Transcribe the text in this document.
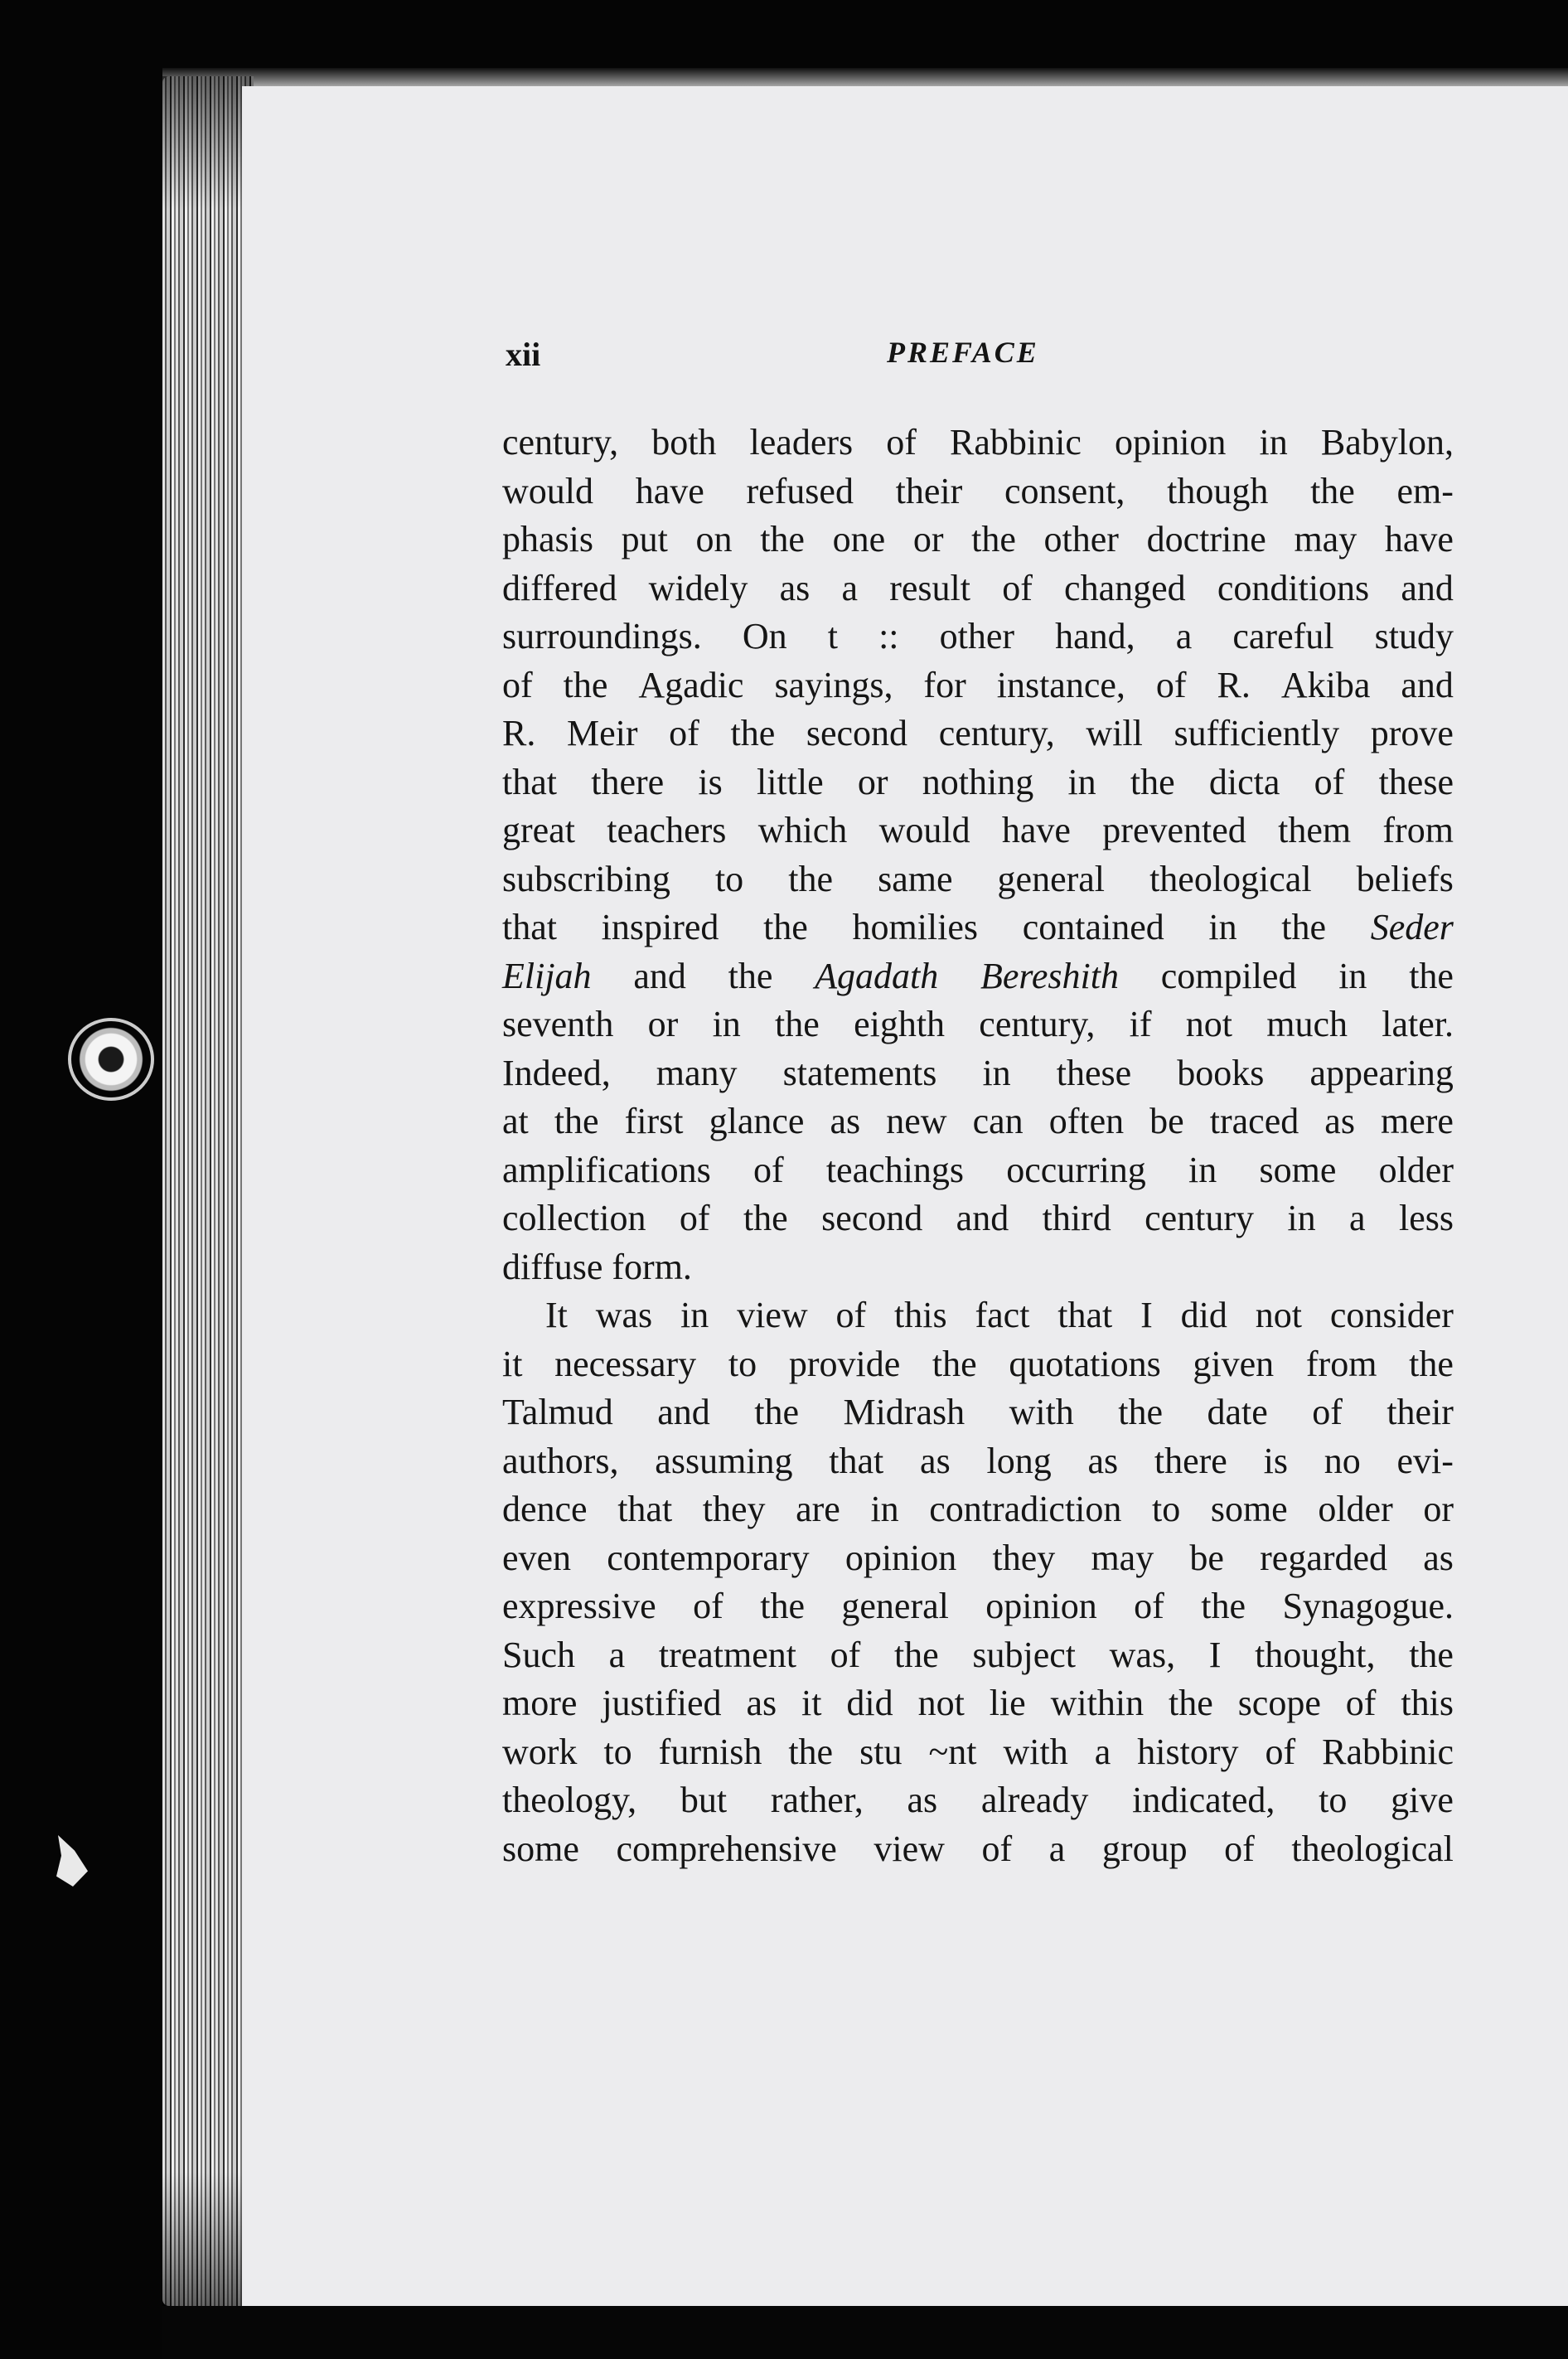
xii	PREFACE
century, both leaders of Rabbinic opinion in Babylon,
would have refused their consent, though the em-
phasis put on the one or the other doctrine may have
differed widely as a result of changed conditions and
surroundings. On t :: other hand, a careful study
of the Agadic sayings, for instance, of R. Akiba and
R. Meir of the second century, will sufficiently prove
that there is little or nothing in the dicta of these
great teachers which would have prevented them from
subscribing to the same general theological beliefs
that inspired the homilies contained in the Seder
Elijah and the Agadath Bereshith compiled in the
seventh or in the eighth century, if not much later.
Indeed, many statements in these books appearing
at the first glance as new can often be traced as mere
amplifications of teachings occurring in some older
collection of the second and third century in a less
diffuse form.
It was in view of this fact that I did not consider
it necessary to provide the quotations given from the
Talmud and the Midrash with the date of their
authors, assuming that as long as there is no evi-
dence that they are in contradiction to some older or
even contemporary opinion they may be regarded as
expressive of the general opinion of the Synagogue.
Such a treatment of the subject was, I thought, the
more justified as it did not lie within the scope of this
work to furnish the stu ~nt with a history of Rabbinic
theology, but rather, as already indicated, to give
some comprehensive view of a group of theological
